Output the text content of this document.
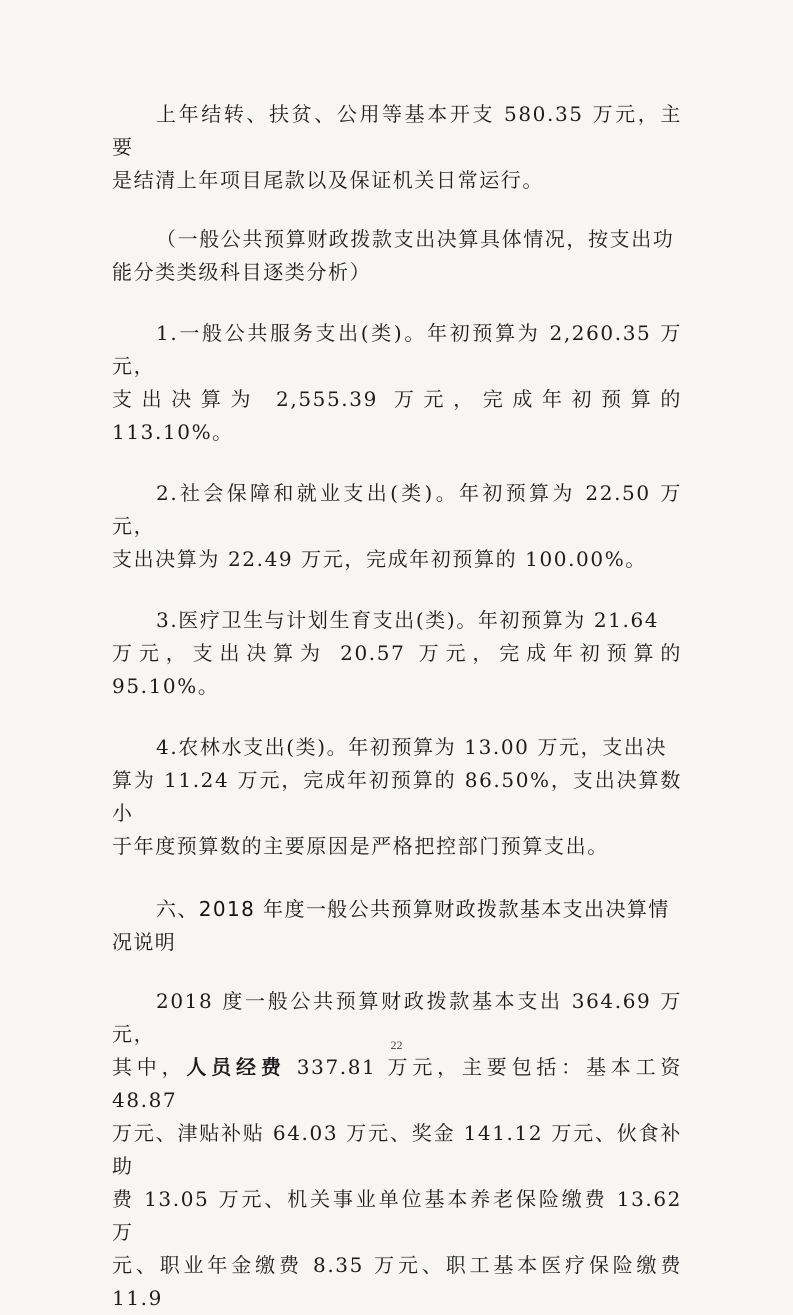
上年结转、扶贫、公用等基本开支 580.35 万元，主要
是结清上年项目尾款以及保证机关日常运行。

（一般公共预算财政拨款支出决算具体情况，按支出功
能分类类级科目逐类分析）

1.一般公共服务支出(类)。年初预算为 2,260.35 万元，
支出决算为 2,555.39 万元，完成年初预算的 113.10%。

2.社会保障和就业支出(类)。年初预算为 22.50 万元，
支出决算为 22.49 万元，完成年初预算的 100.00%。

3.医疗卫生与计划生育支出(类)。年初预算为 21.64
万元，支出决算为 20.57 万元，完成年初预算的 95.10%。

4.农林水支出(类)。年初预算为 13.00 万元，支出决
算为 11.24 万元，完成年初预算的 86.50%，支出决算数小
于年度预算数的主要原因是严格把控部门预算支出。

六、2018 年度一般公共预算财政拨款基本支出决算情
况说明

2018 度一般公共预算财政拨款基本支出 364.69 万元，
其中，人员经费 337.81 万元，主要包括：基本工资 48.87
万元、津贴补贴 64.03 万元、奖金 141.12 万元、伙食补助
费 13.05 万元、机关事业单位基本养老保险缴费 13.62 万
元、职业年金缴费 8.35 万元、职工基本医疗保险缴费 11.9

22
